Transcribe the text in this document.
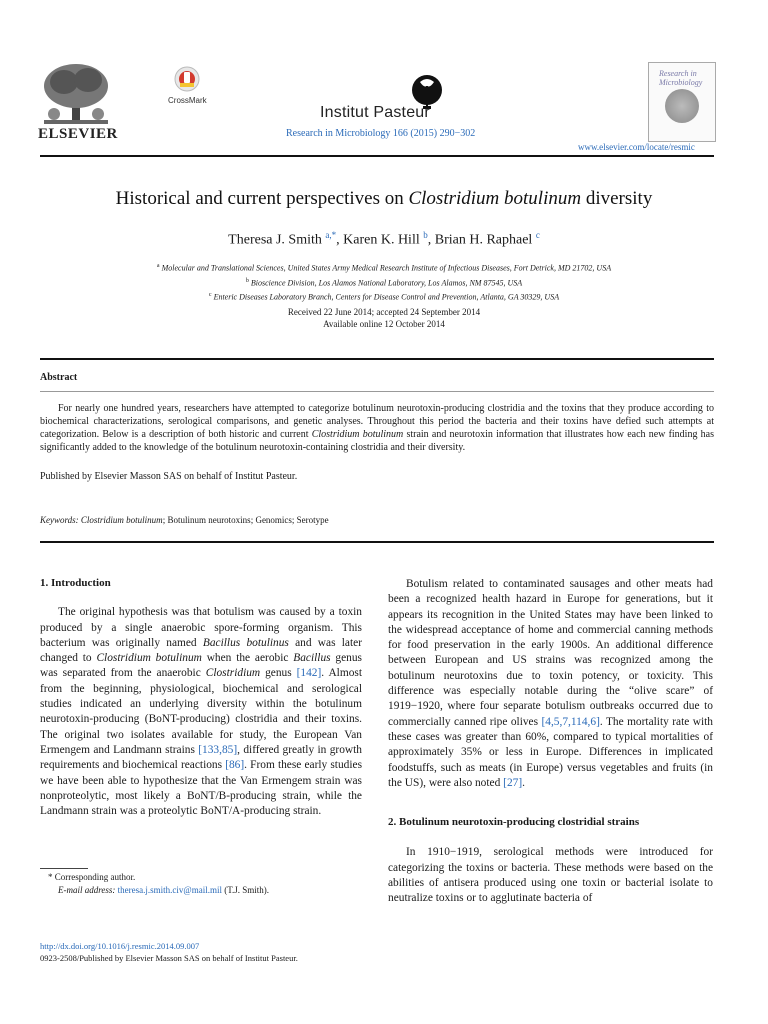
ELSEVIER
CrossMark
Institut Pasteur
Research in Microbiology 166 (2015) 290−302
Research in Microbiology
www.elsevier.com/locate/resmic
Historical and current perspectives on Clostridium botulinum diversity
Theresa J. Smith $^{a,*}$, Karen K. Hill $^b$, Brian H. Raphael $^c$
$^a$ Molecular and Translational Sciences, United States Army Medical Research Institute of Infectious Diseases, Fort Detrick, MD 21702, USA
$^b$ Bioscience Division, Los Alamos National Laboratory, Los Alamos, NM 87545, USA
$^c$ Enteric Diseases Laboratory Branch, Centers for Disease Control and Prevention, Atlanta, GA 30329, USA
Received 22 June 2014; accepted 24 September 2014
Available online 12 October 2014
Abstract
For nearly one hundred years, researchers have attempted to categorize botulinum neurotoxin-producing clostridia and the toxins that they produce according to biochemical characterizations, serological comparisons, and genetic analyses. Throughout this period the bacteria and their toxins have defied such attempts at categorization. Below is a description of both historic and current Clostridium botulinum strain and neurotoxin information that illustrates how each new finding has significantly added to the knowledge of the botulinum neurotoxin-containing clostridia and their diversity.
Published by Elsevier Masson SAS on behalf of Institut Pasteur.
Keywords: Clostridium botulinum; Botulinum neurotoxins; Genomics; Serotype
1. Introduction
The original hypothesis was that botulism was caused by a toxin produced by a single anaerobic spore-forming organism. This bacterium was originally named Bacillus botulinus and was later changed to Clostridium botulinum when the aerobic Bacillus genus was separated from the anaerobic Clostridium genus [142]. Almost from the beginning, physiological, biochemical and serological studies indicated an underlying diversity within the botulinum neurotoxin-producing (BoNT-producing) clostridia and their toxins. The original two isolates available for study, the European Van Ermengem and Landmann strains [133,85], differed greatly in growth requirements and biochemical reactions [86]. From these early studies we have been able to hypothesize that the Van Ermengem strain was nonproteolytic, most likely a BoNT/B-producing strain, while the Landmann strain was a proteolytic BoNT/A-producing strain.
Botulism related to contaminated sausages and other meats had been a recognized health hazard in Europe for generations, but it appears its recognition in the United States may have been linked to the widespread acceptance of home and commercial canning methods for food preservation in the early 1900s. An additional difference between European and US strains was recognized among the botulinum neurotoxins due to toxin potency, or toxicity. This difference was especially notable during the “olive scare” of 1919−1920, where four separate botulism outbreaks occurred due to commercially canned ripe olives [4,5,7,114,6]. The mortality rate with these cases was greater than 60%, compared to typical mortalities of approximately 35% or less in Europe. Differences in implicated foodstuffs, such as meats (in Europe) versus vegetables and fruits (in the US), were also noted [27].
2. Botulinum neurotoxin-producing clostridial strains
In 1910−1919, serological methods were introduced for categorizing the toxins or bacteria. These methods were based on the abilities of antisera produced using one toxin or bacterial isolate to neutralize toxins or to agglutinate bacteria of
* Corresponding author.
E-mail address: theresa.j.smith.civ@mail.mil (T.J. Smith).
http://dx.doi.org/10.1016/j.resmic.2014.09.007
0923-2508/Published by Elsevier Masson SAS on behalf of Institut Pasteur.
